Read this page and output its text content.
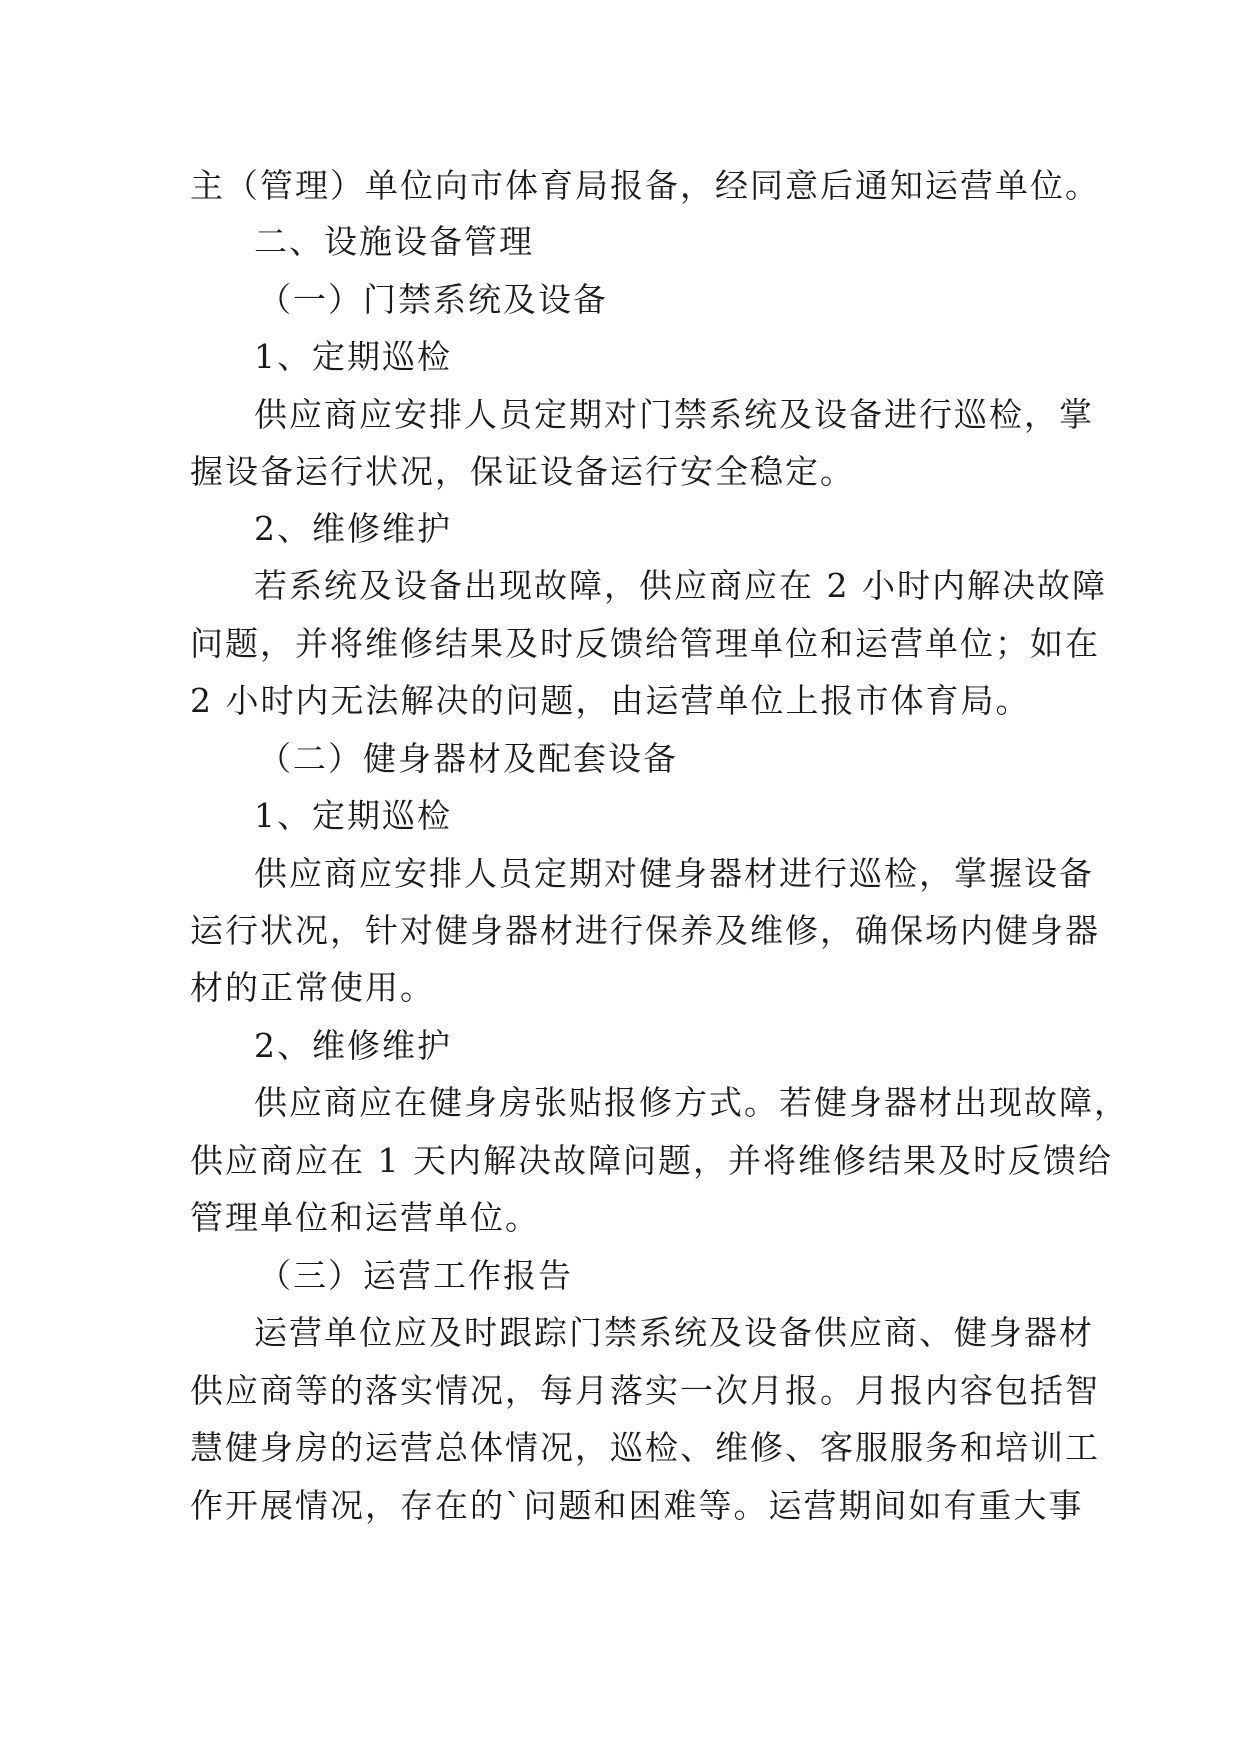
主（管理）单位向市体育局报备，经同意后通知运营单位。
二、设施设备管理
（一）门禁系统及设备
1、定期巡检
供应商应安排人员定期对门禁系统及设备进行巡检，掌
握设备运行状况，保证设备运行安全稳定。
2、维修维护
若系统及设备出现故障，供应商应在 2 小时内解决故障
问题，并将维修结果及时反馈给管理单位和运营单位；如在
2 小时内无法解决的问题，由运营单位上报市体育局。
（二）健身器材及配套设备
1、定期巡检
供应商应安排人员定期对健身器材进行巡检，掌握设备
运行状况，针对健身器材进行保养及维修，确保场内健身器
材的正常使用。
2、维修维护
供应商应在健身房张贴报修方式。若健身器材出现故障，
供应商应在 1 天内解决故障问题，并将维修结果及时反馈给
管理单位和运营单位。
（三）运营工作报告
运营单位应及时跟踪门禁系统及设备供应商、健身器材
供应商等的落实情况，每月落实一次月报。月报内容包括智
慧健身房的运营总体情况，巡检、维修、客服服务和培训工
作开展情况，存在的`问题和困难等。运营期间如有重大事
